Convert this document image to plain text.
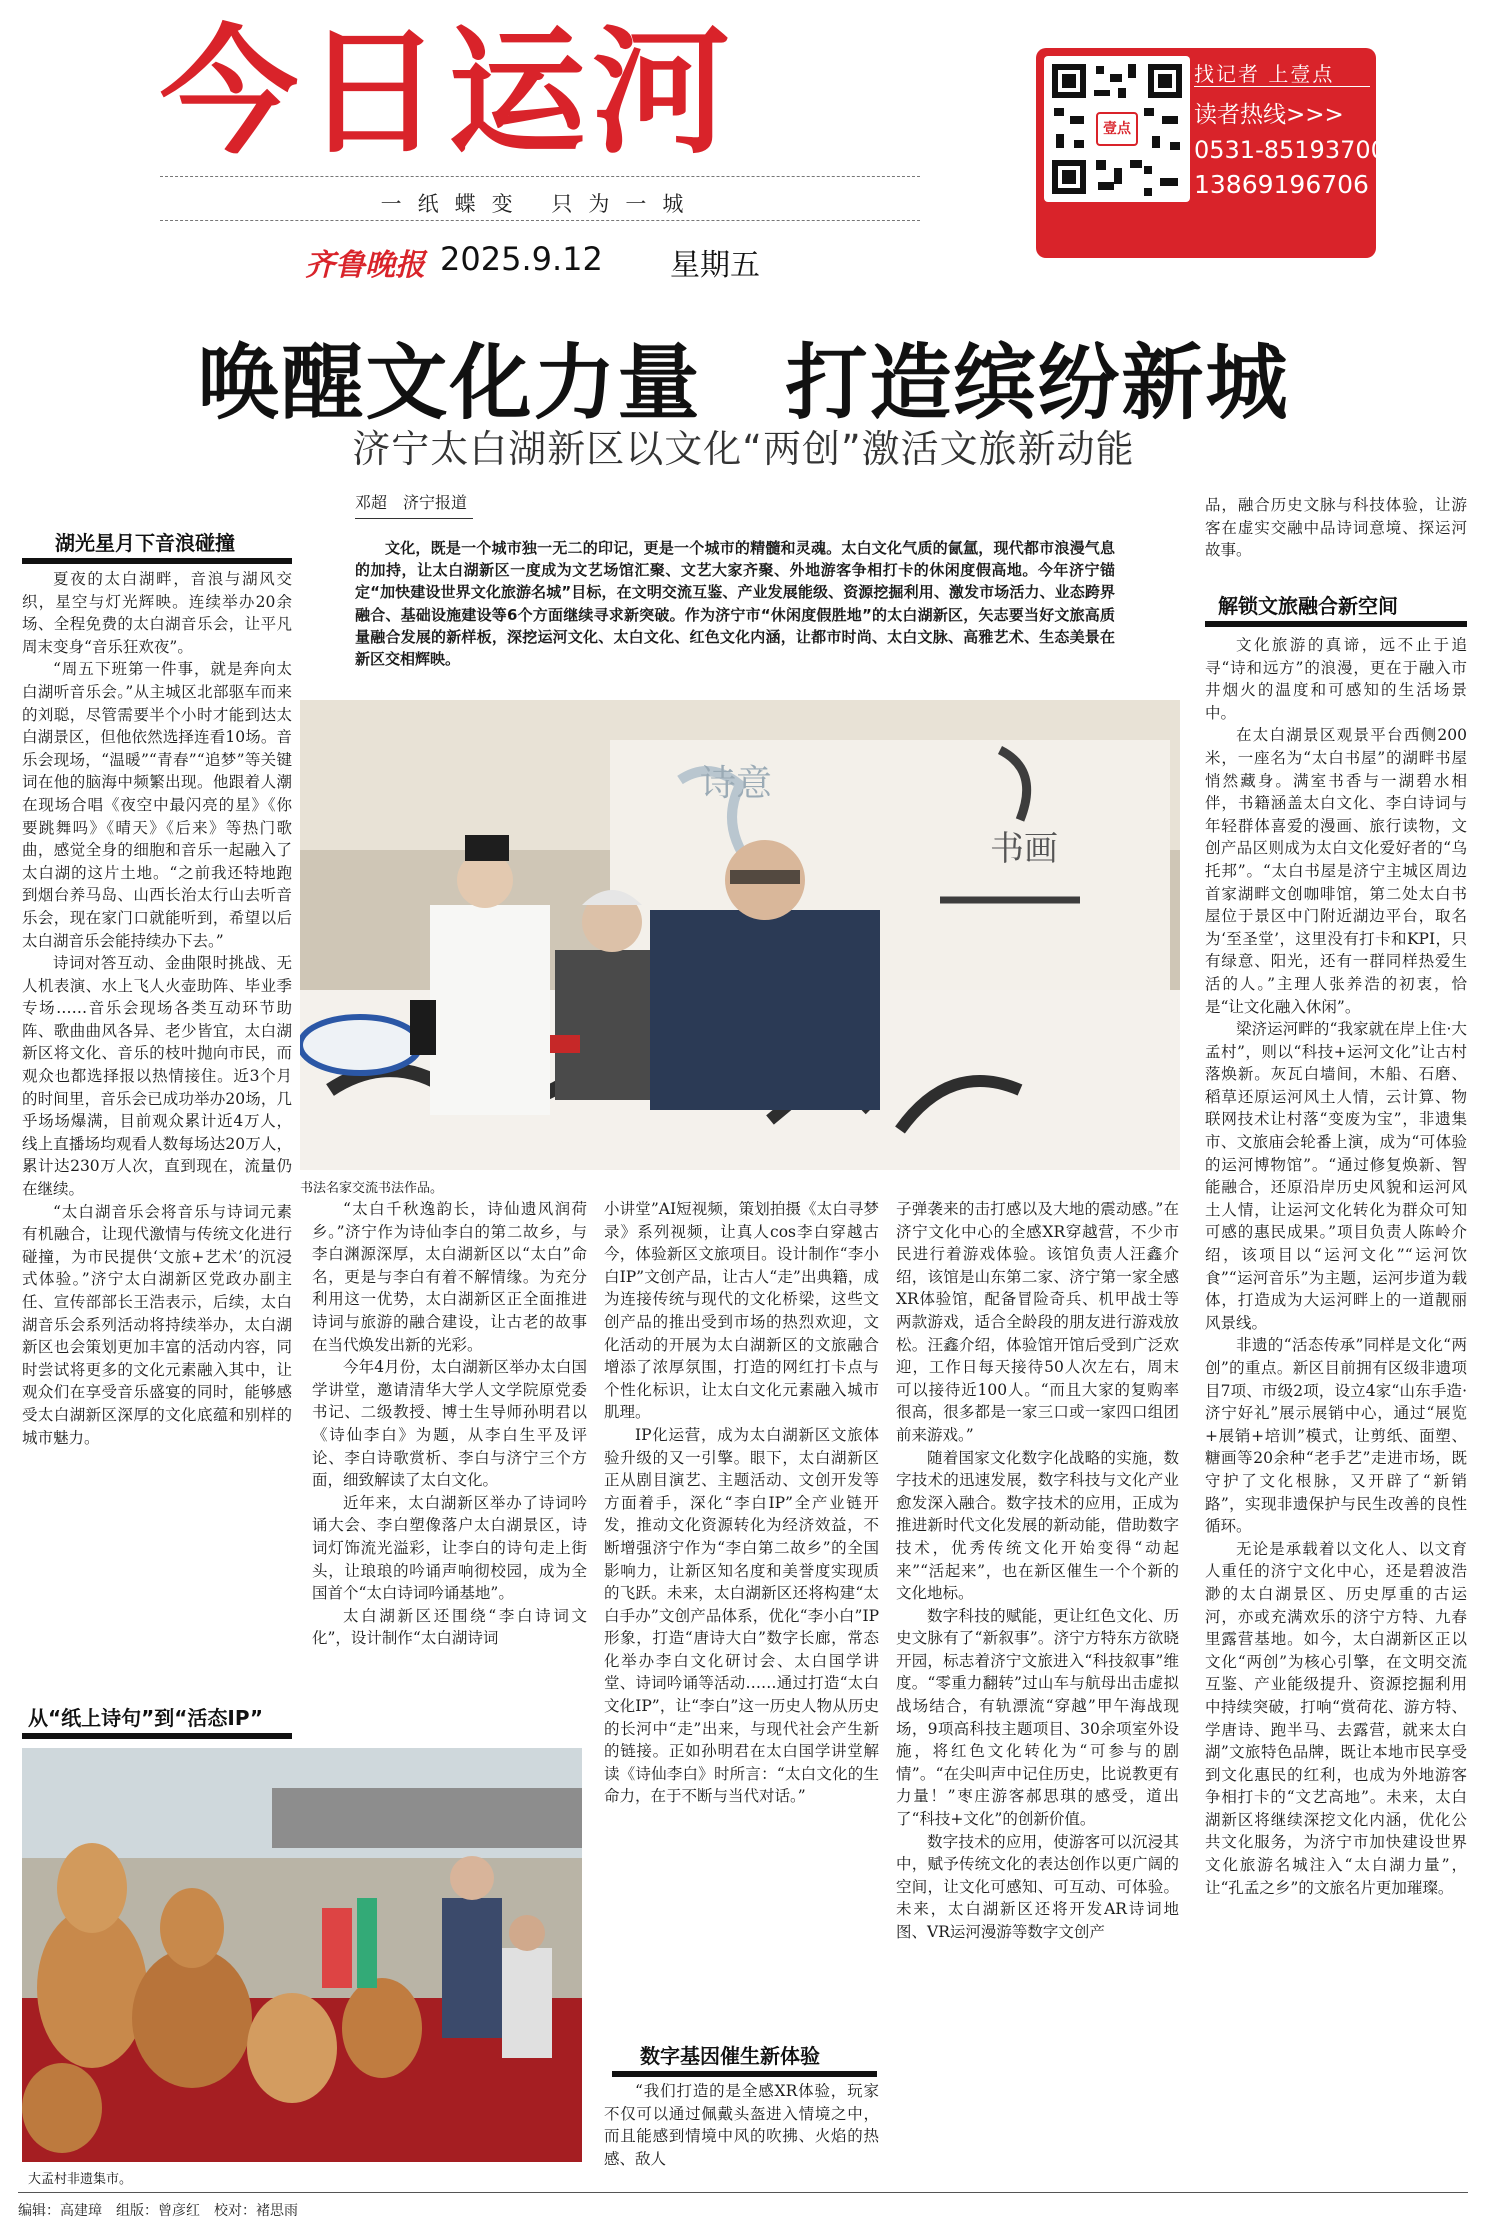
今日运河
一纸蝶变 只为一城
齐鲁晚报 2025.9.12 星期五
壹点
找记者 上壹点
读者热线>>>
0531-85193700
13869196706
唤醒文化力量　打造缤纷新城
济宁太白湖新区以文化“两创”激活文旅新动能
邓超　济宁报道
文化，既是一个城市独一无二的印记，更是一个城市的精髓和灵魂。太白文化气质的氤氲，现代都市浪漫气息的加持，让太白湖新区一度成为文艺场馆汇聚、文艺大家齐聚、外地游客争相打卡的休闲度假高地。今年济宁锚定“加快建设世界文化旅游名城”目标，在文明交流互鉴、产业发展能级、资源挖掘利用、激发市场活力、业态跨界融合、基础设施建设等6个方面继续寻求新突破。作为济宁市“休闲度假胜地”的太白湖新区，矢志要当好文旅高质量融合发展的新样板，深挖运河文化、太白文化、红色文化内涵，让都市时尚、太白文脉、高雅艺术、生态美景在新区交相辉映。
湖光星月下音浪碰撞
从“纸上诗句”到“活态IP”
数字基因催生新体验
解锁文旅融合新空间
诗意
书画
书法名家交流书法作品。
大孟村非遗集市。

夏夜的太白湖畔，音浪与湖风交织，星空与灯光辉映。连续举办20余场、全程免费的太白湖音乐会，让平凡周末变身“音乐狂欢夜”。

“周五下班第一件事，就是奔向太白湖听音乐会。”从主城区北部驱车而来的刘聪，尽管需要半个小时才能到达太白湖景区，但他依然选择连看10场。音乐会现场，“温暖”“青春”“追梦”等关键词在他的脑海中频繁出现。他跟着人潮在现场合唱《夜空中最闪亮的星》《你要跳舞吗》《晴天》《后来》等热门歌曲，感觉全身的细胞和音乐一起融入了太白湖的这片土地。“之前我还特地跑到烟台养马岛、山西长治太行山去听音乐会，现在家门口就能听到，希望以后太白湖音乐会能持续办下去。”

诗词对答互动、金曲限时挑战、无人机表演、水上飞人火壶助阵、毕业季专场……音乐会现场各类互动环节助阵、歌曲曲风各异、老少皆宜，太白湖新区将文化、音乐的枝叶抛向市民，而观众也都选择报以热情接住。近3个月的时间里，音乐会已成功举办20场，几乎场场爆满，目前观众累计近4万人，线上直播场均观看人数每场达20万人，累计达230万人次，直到现在，流量仍在继续。

“太白湖音乐会将音乐与诗词元素有机融合，让现代激情与传统文化进行碰撞，为市民提供‘文旅+艺术’的沉浸式体验。”济宁太白湖新区党政办副主任、宣传部部长王浩表示，后续，太白湖音乐会系列活动将持续举办，太白湖新区也会策划更加丰富的活动内容，同时尝试将更多的文化元素融入其中，让观众们在享受音乐盛宴的同时，能够感受太白湖新区深厚的文化底蕴和别样的城市魅力。

“太白千秋逸韵长，诗仙遗风润荷乡。”济宁作为诗仙李白的第二故乡，与李白渊源深厚，太白湖新区以“太白”命名，更是与李白有着不解情缘。为充分利用这一优势，太白湖新区正全面推进诗词与旅游的融合建设，让古老的故事在当代焕发出新的光彩。

今年4月份，太白湖新区举办太白国学讲堂，邀请清华大学人文学院原党委书记、二级教授、博士生导师孙明君以《诗仙李白》为题，从李白生平及评论、李白诗歌赏析、李白与济宁三个方面，细致解读了太白文化。

近年来，太白湖新区举办了诗词吟诵大会、李白塑像落户太白湖景区，诗词灯饰流光溢彩，让李白的诗句走上街头，让琅琅的吟诵声响彻校园，成为全国首个“太白诗词吟诵基地”。

太白湖新区还围绕“李白诗词文化”，设计制作“太白湖诗词

小讲堂”AI短视频，策划拍摄《太白寻梦录》系列视频，让真人cos李白穿越古今，体验新区文旅项目。设计制作“李小白IP”文创产品，让古人“走”出典籍，成为连接传统与现代的文化桥梁，这些文创产品的推出受到市场的热烈欢迎，文化活动的开展为太白湖新区的文旅融合增添了浓厚氛围，打造的网红打卡点与个性化标识，让太白文化元素融入城市肌理。

IP化运营，成为太白湖新区文旅体验升级的又一引擎。眼下，太白湖新区正从剧目演艺、主题活动、文创开发等方面着手，深化“李白IP”全产业链开发，推动文化资源转化为经济效益，不断增强济宁作为“李白第二故乡”的全国影响力，让新区知名度和美誉度实现质的飞跃。未来，太白湖新区还将构建“太白手办”文创产品体系，优化“李小白”IP形象，打造“唐诗大白”数字长廊，常态化举办李白文化研讨会、太白国学讲堂、诗词吟诵等活动……通过打造“太白文化IP”，让“李白”这一历史人物从历史的长河中“走”出来，与现代社会产生新的链接。正如孙明君在太白国学讲堂解读《诗仙李白》时所言：“太白文化的生命力，在于不断与当代对话。”

“我们打造的是全感XR体验，玩家不仅可以通过佩戴头盔进入情境之中，而且能感到情境中风的吹拂、火焰的热感、敌人

子弹袭来的击打感以及大地的震动感。”在济宁文化中心的全感XR穿越营，不少市民进行着游戏体验。该馆负责人汪鑫介绍，该馆是山东第二家、济宁第一家全感XR体验馆，配备冒险奇兵、机甲战士等两款游戏，适合全龄段的朋友进行游戏放松。汪鑫介绍，体验馆开馆后受到广泛欢迎，工作日每天接待50人次左右，周末可以接待近100人。“而且大家的复购率很高，很多都是一家三口或一家四口组团前来游戏。”

随着国家文化数字化战略的实施，数字技术的迅速发展，数字科技与文化产业愈发深入融合。数字技术的应用，正成为推进新时代文化发展的新动能，借助数字技术，优秀传统文化开始变得“动起来”“活起来”，也在新区催生一个个新的文化地标。

数字科技的赋能，更让红色文化、历史文脉有了“新叙事”。济宁方特东方欲晓开园，标志着济宁文旅进入“科技叙事”维度。“零重力翻转”过山车与航母出击虚拟战场结合，有轨漂流“穿越”甲午海战现场，9项高科技主题项目、30余项室外设施，将红色文化转化为“可参与的剧情”。“在尖叫声中记住历史，比说教更有力量！”枣庄游客郝思琪的感受，道出了“科技+文化”的创新价值。

数字技术的应用，使游客可以沉浸其中，赋予传统文化的表达创作以更广阔的空间，让文化可感知、可互动、可体验。未来，太白湖新区还将开发AR诗词地图、VR运河漫游等数字文创产

品，融合历史文脉与科技体验，让游客在虚实交融中品诗词意境、探运河故事。

文化旅游的真谛，远不止于追寻“诗和远方”的浪漫，更在于融入市井烟火的温度和可感知的生活场景中。

在太白湖景区观景平台西侧200米，一座名为“太白书屋”的湖畔书屋悄然藏身。满室书香与一湖碧水相伴，书籍涵盖太白文化、李白诗词与年轻群体喜爱的漫画、旅行读物，文创产品区则成为太白文化爱好者的“乌托邦”。“太白书屋是济宁主城区周边首家湖畔文创咖啡馆，第二处太白书屋位于景区中门附近湖边平台，取名为‘至圣堂’，这里没有打卡和KPI，只有绿意、阳光，还有一群同样热爱生活的人。”主理人张养浩的初衷，恰是“让文化融入休闲”。

梁济运河畔的“我家就在岸上住·大孟村”，则以“科技+运河文化”让古村落焕新。灰瓦白墙间，木船、石磨、稻草还原运河风土人情，云计算、物联网技术让村落“变废为宝”，非遗集市、文旅庙会轮番上演，成为“可体验的运河博物馆”。“通过修复焕新、智能融合，还原沿岸历史风貌和运河风土人情，让运河文化转化为群众可知可感的惠民成果。”项目负责人陈岭介绍，该项目以“运河文化”“运河饮食”“运河音乐”为主题，运河步道为载体，打造成为大运河畔上的一道靓丽风景线。

非遗的“活态传承”同样是文化“两创”的重点。新区目前拥有区级非遗项目7项、市级2项，设立4家“山东手造·济宁好礼”展示展销中心，通过“展览+展销+培训”模式，让剪纸、面塑、糖画等20余种“老手艺”走进市场，既守护了文化根脉，又开辟了“新销路”，实现非遗保护与民生改善的良性循环。

无论是承载着以文化人、以文育人重任的济宁文化中心，还是碧波浩渺的太白湖景区、历史厚重的古运河，亦或充满欢乐的济宁方特、九春里露营基地。如今，太白湖新区正以文化“两创”为核心引擎，在文明交流互鉴、产业能级提升、资源挖掘利用中持续突破，打响“赏荷花、游方特、学唐诗、跑半马、去露营，就来太白湖”文旅特色品牌，既让本地市民享受到文化惠民的红利，也成为外地游客争相打卡的“文艺高地”。未来，太白湖新区将继续深挖文化内涵，优化公共文化服务，为济宁市加快建设世界文化旅游名城注入“太白湖力量”，让“孔孟之乡”的文旅名片更加璀璨。

编辑：高建璋　组版：曾彦红　校对：褚思雨
